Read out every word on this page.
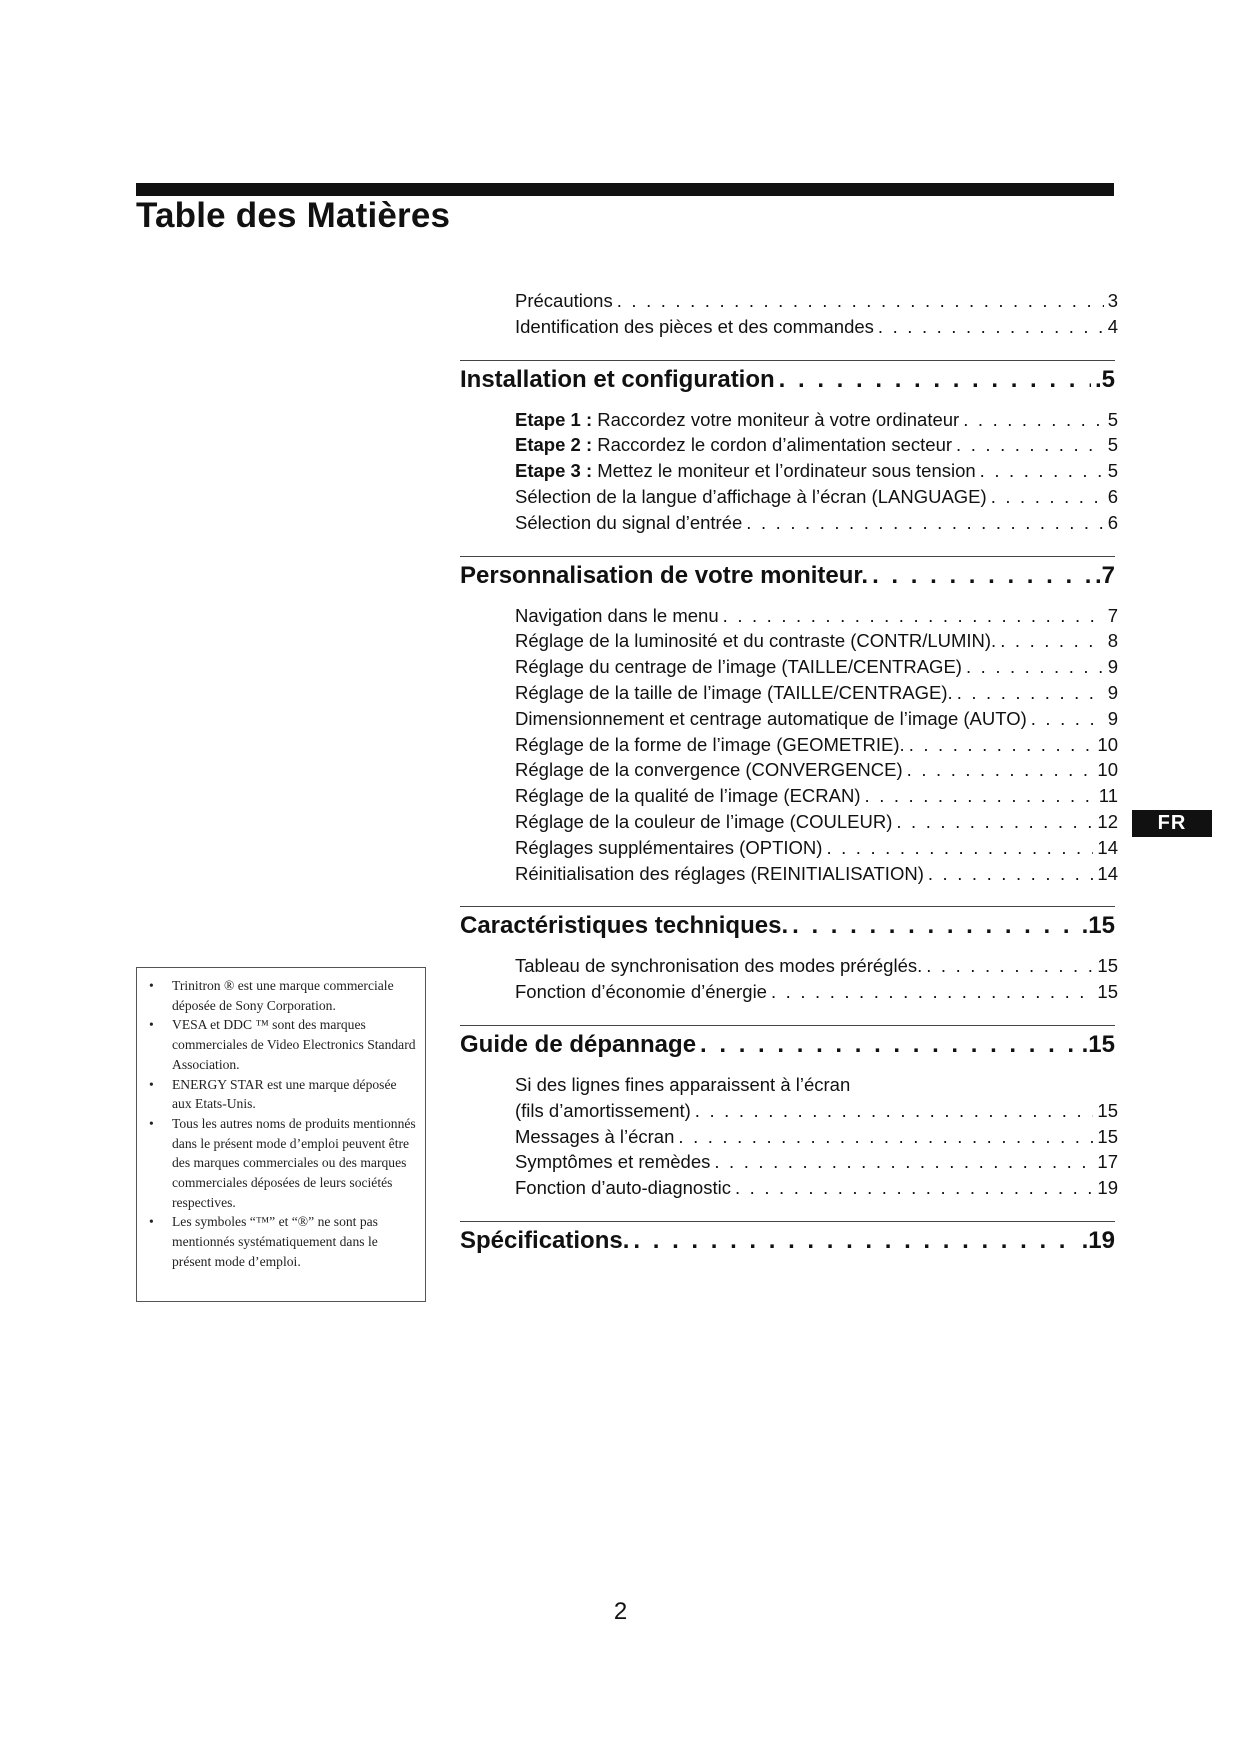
Table des Matières
Précautions . . .	3
Identification des pièces et des commandes . . .	4
Installation et configuration . . .	.5
Etape 1 : Raccordez votre moniteur à votre ordinateur . . .	5
Etape 2 : Raccordez le cordon d’alimentation secteur . . .	5
Etape 3 : Mettez le moniteur et l’ordinateur sous tension . . .	5
Sélection de la langue d’affichage à l’écran (LANGUAGE) . . .	6
Sélection du signal d’entrée . . .	6
Personnalisation de votre moniteur. . . .	.7
Navigation dans le menu . . .	7
Réglage de la luminosité et du contraste (CONTR/LUMIN). . . .	8
Réglage du centrage de l’image (TAILLE/CENTRAGE) . . .	9
Réglage de la taille de l’image (TAILLE/CENTRAGE). . . .	9
Dimensionnement et centrage automatique de l’image (AUTO) . . .	9
Réglage de la forme de l’image (GEOMETRIE). . . .	10
Réglage de la convergence (CONVERGENCE) . . .	10
Réglage de la qualité de l’image (ECRAN) . . .	11
Réglage de la couleur de l’image (COULEUR) . . .	12
Réglages supplémentaires (OPTION) . . .	14
Réinitialisation des réglages (REINITIALISATION) . . .	14
Caractéristiques techniques. . . .	.15
Tableau de synchronisation des modes préréglés. . . .	15
Fonction d’économie d’énergie . . .	15
Guide de dépannage . . .	.15
Si des lignes fines apparaissent à l’écran
(fils d’amortissement) . . .	15
Messages à l’écran . . .	15
Symptômes et remèdes . . .	17
Fonction d’auto-diagnostic . . .	19
Spécifications. . . .	.19
FR
• Trinitron ® est une marque commerciale déposée de Sony Corporation.
• VESA et DDC ™ sont des marques commerciales de Video Electronics Standard Association.
• ENERGY STAR est une marque déposée aux Etats-Unis.
• Tous les autres noms de produits mentionnés dans le présent mode d’emploi peuvent être des marques commerciales ou des marques commerciales déposées de leurs sociétés respectives.
• Les symboles “™” et “®” ne sont pas mentionnés systématiquement dans le présent mode d’emploi.
2
